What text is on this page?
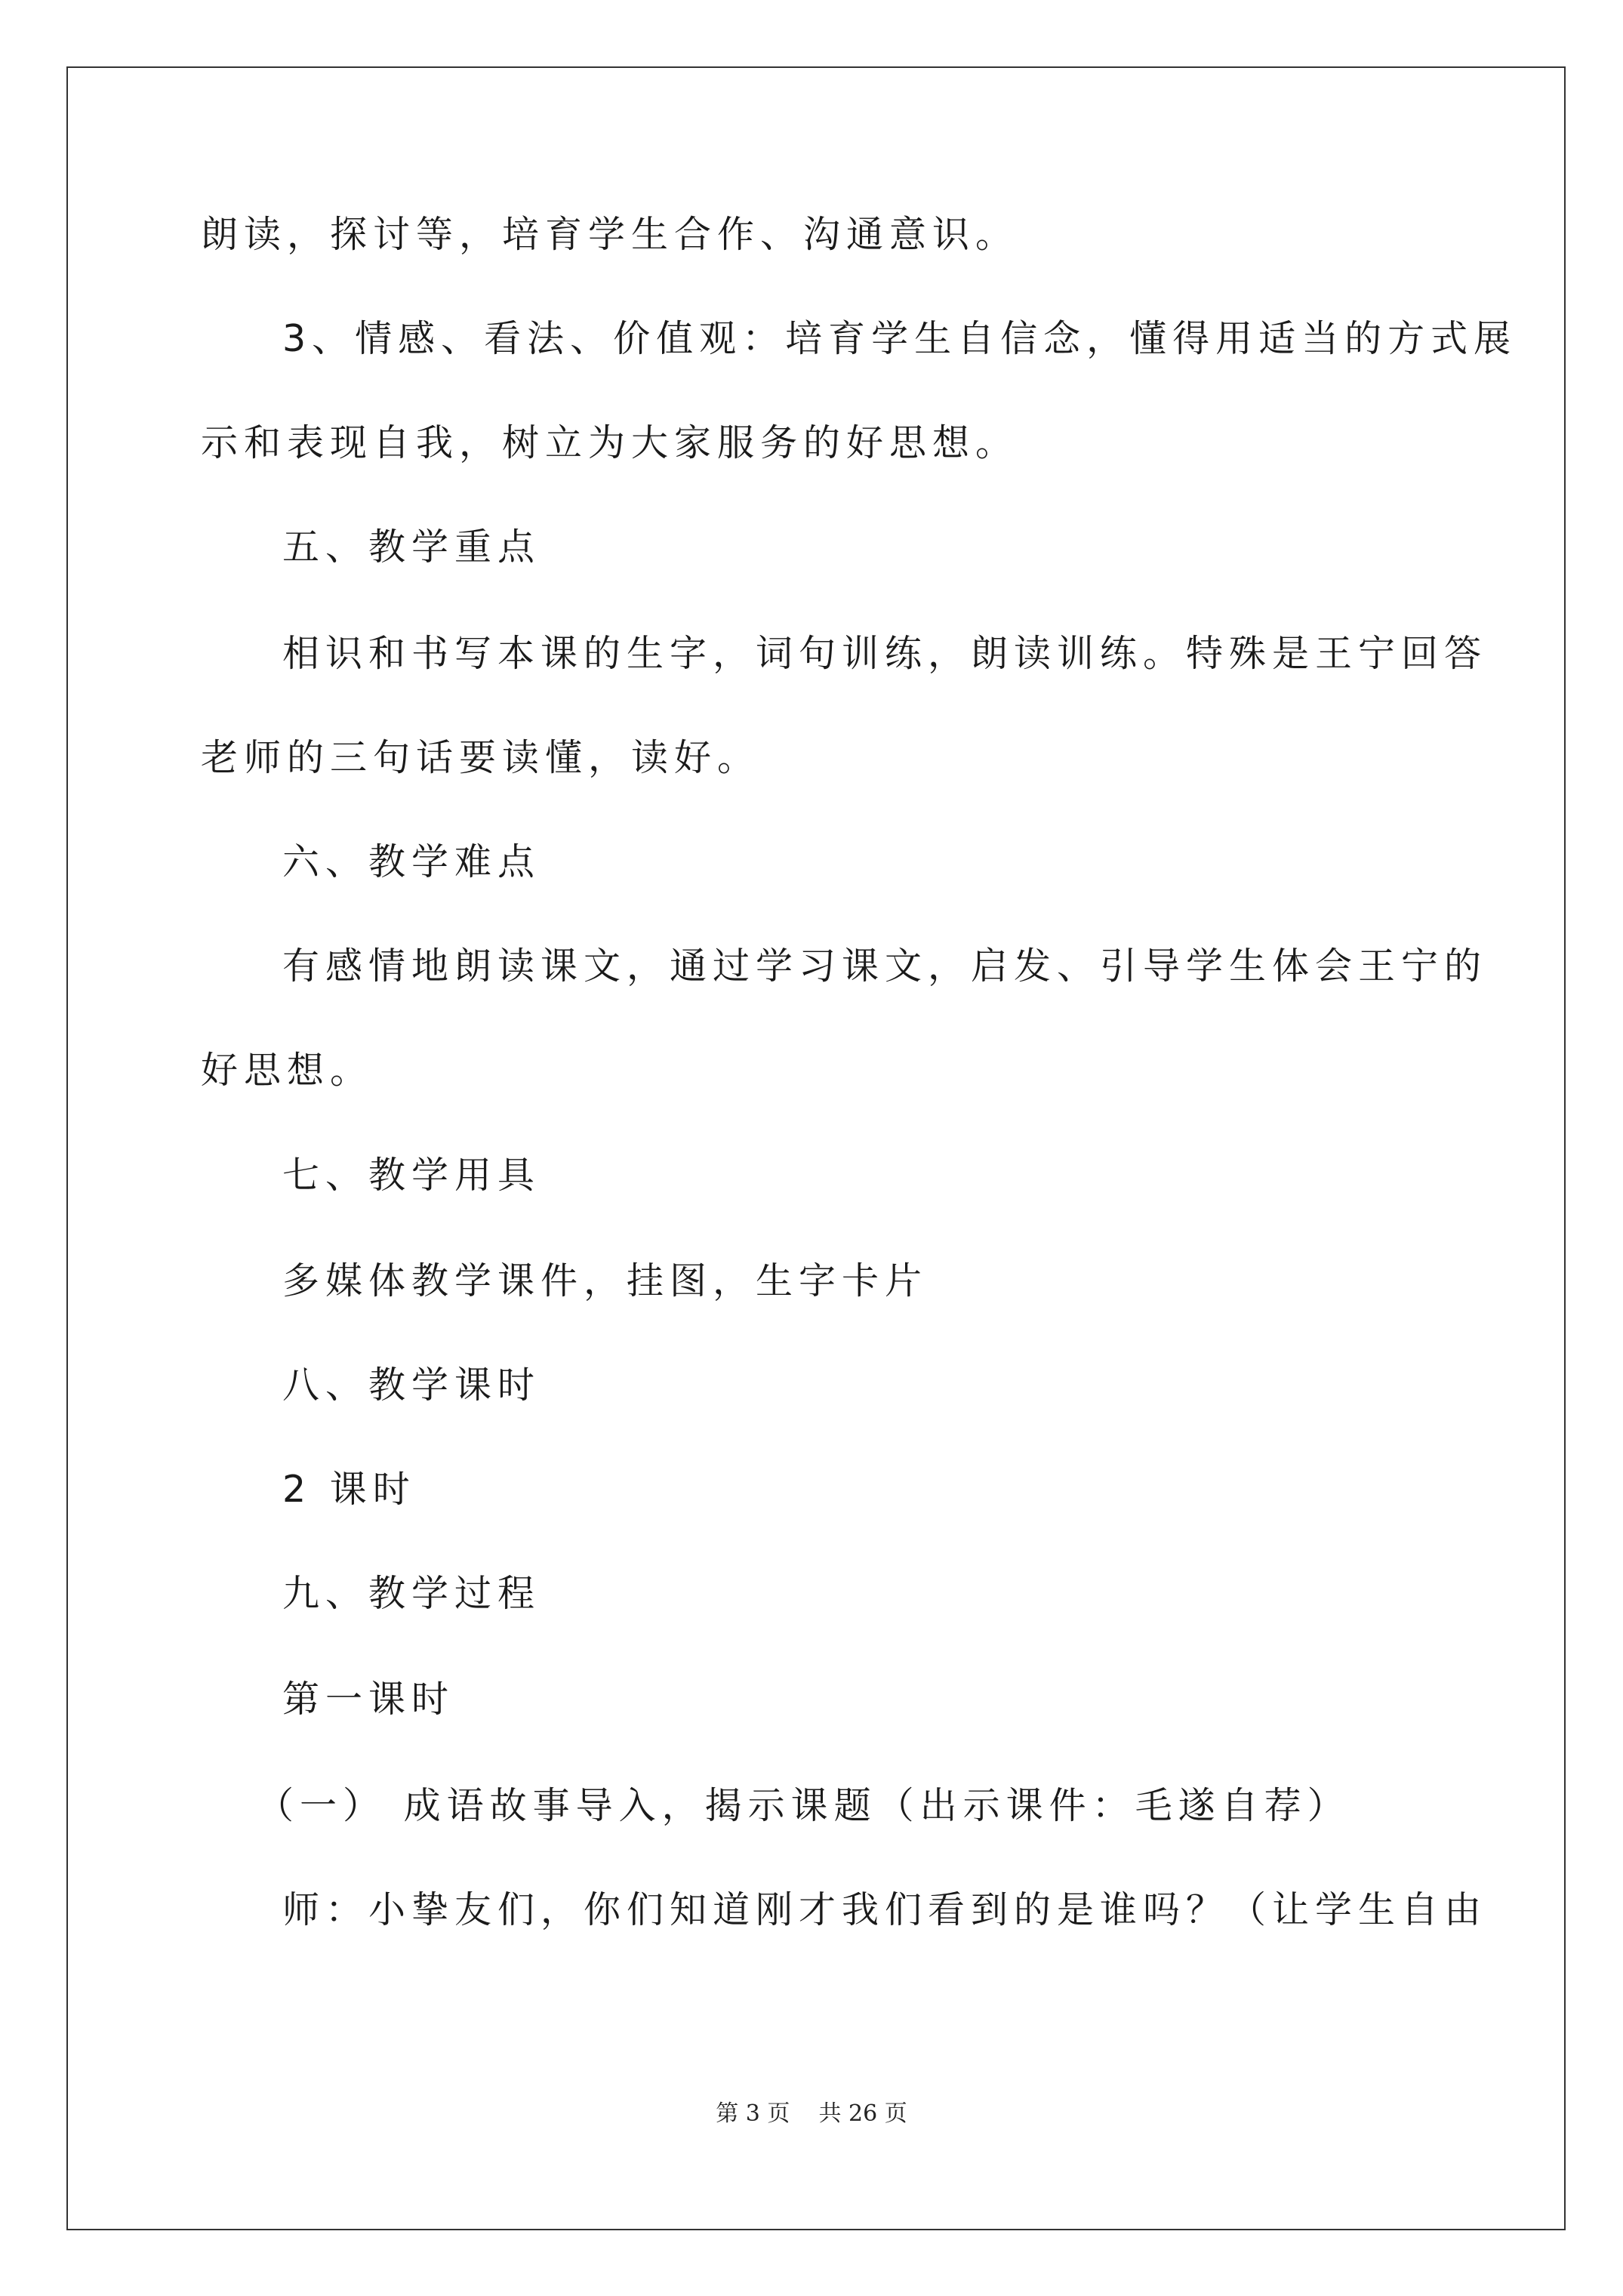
朗读，探讨等，培育学生合作、沟通意识。
3、情感、看法、价值观：培育学生自信念，懂得用适当的方式展
示和表现自我，树立为大家服务的好思想。
五、教学重点
相识和书写本课的生字，词句训练，朗读训练。特殊是王宁回答
老师的三句话要读懂，读好。
六、教学难点
有感情地朗读课文，通过学习课文，启发、引导学生体会王宁的
好思想。
七、教学用具
多媒体教学课件，挂图，生字卡片
八、教学课时
2 课时
九、教学过程
第一课时
（一） 成语故事导入，揭示课题（出示课件：毛遂自荐）
师：小挚友们，你们知道刚才我们看到的是谁吗？（让学生自由
第 3 页    共 26 页
